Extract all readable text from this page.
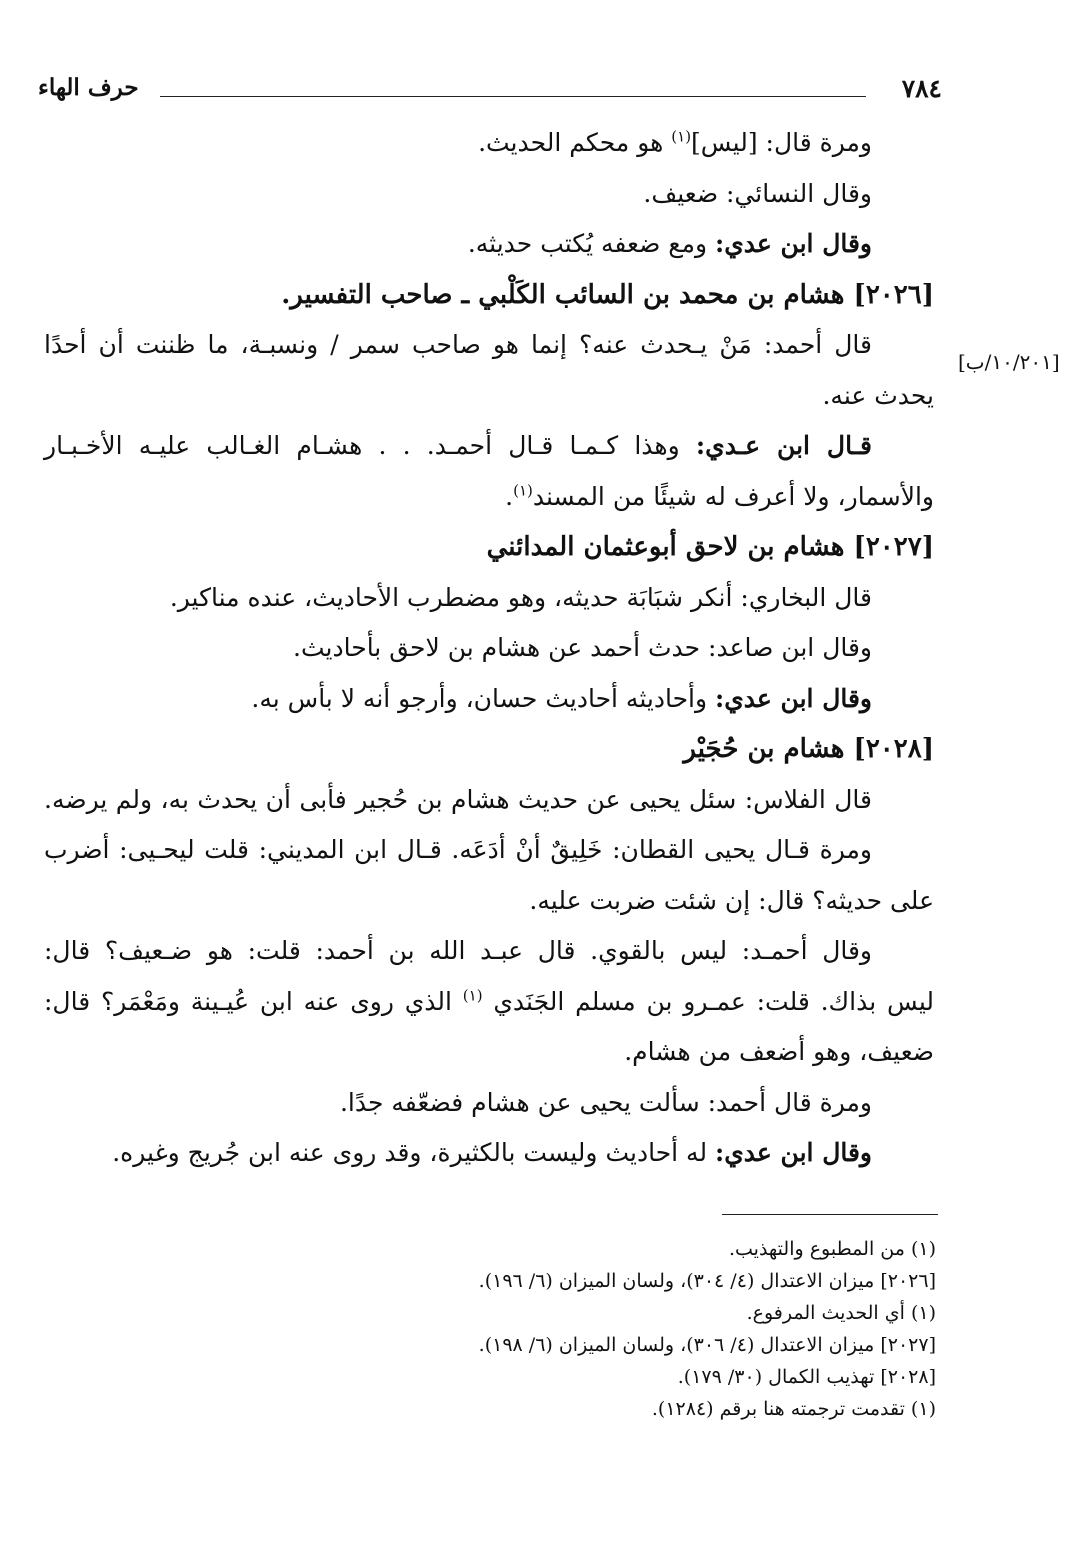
٧٨٤
حرف الهاء
[١٠/٢٠١/ب]
ومرة قال: [ليس]$^{(١)}$ هو محكم الحديث.
وقال النسائي: ضعيف.
وقال ابن عدي: ومع ضعفه يُكتب حديثه.
[٢٠٢٦] هشام بن محمد بن السائب الكَلْبي ـ صاحب التفسير.
قال أحمد: مَنْ يـحدث عنه؟ إنما هو صاحب سمر / ونسبـة، ما ظننت أن أحدًا
يحدث عنه.
قـال ابن عـدي: وهذا كـمـا قـال أحمـد. . . هشـام الغـالب عليـه الأخـبـار
والأسمار، ولا أعرف له شيئًا من المسند$^{(١)}$.
[٢٠٢٧] هشام بن لاحق أبوعثمان المدائني
قال البخاري: أنكر شبَابَة حديثه، وهو مضطرب الأحاديث، عنده مناكير.
وقال ابن صاعد: حدث أحمد عن هشام بن لاحق بأحاديث.
وقال ابن عدي: وأحاديثه أحاديث حسان، وأرجو أنه لا بأس به.
[٢٠٢٨] هشام بن حُجَيْر
قال الفلاس: سئل يحيى عن حديث هشام بن حُجير فأبى أن يحدث به، ولم يرضه.
ومرة قـال يحيى القطان: خَلِيقٌ أنْ أدَعَه. قـال ابن المديني: قلت ليحـيى: أضرب
على حديثه؟ قال: إن شئت ضربت عليه.
وقال أحمـد: ليس بالقوي. قال عبـد الله بن أحمد: قلت: هو ضـعيف؟ قال:
ليس بذاك. قلت: عمـرو بن مسلم الجَنَدي $^{(١)}$ الذي روى عنه ابن عُيـينة ومَعْمَر؟ قال:
ضعيف، وهو أضعف من هشام.
ومرة قال أحمد: سألت يحيى عن هشام فضعّفه جدًا.
وقال ابن عدي: له أحاديث وليست بالكثيرة، وقد روى عنه ابن جُريج وغيره.
(١) من المطبوع والتهذيب.
[٢٠٢٦] ميزان الاعتدال (٤/ ٣٠٤)، ولسان الميزان (٦/ ١٩٦).
(١) أي الحديث المرفوع.
[٢٠٢٧] ميزان الاعتدال (٤/ ٣٠٦)، ولسان الميزان (٦/ ١٩٨).
[٢٠٢٨] تهذيب الكمال (٣٠/ ١٧٩).
(١) تقدمت ترجمته هنا برقم (١٢٨٤).
